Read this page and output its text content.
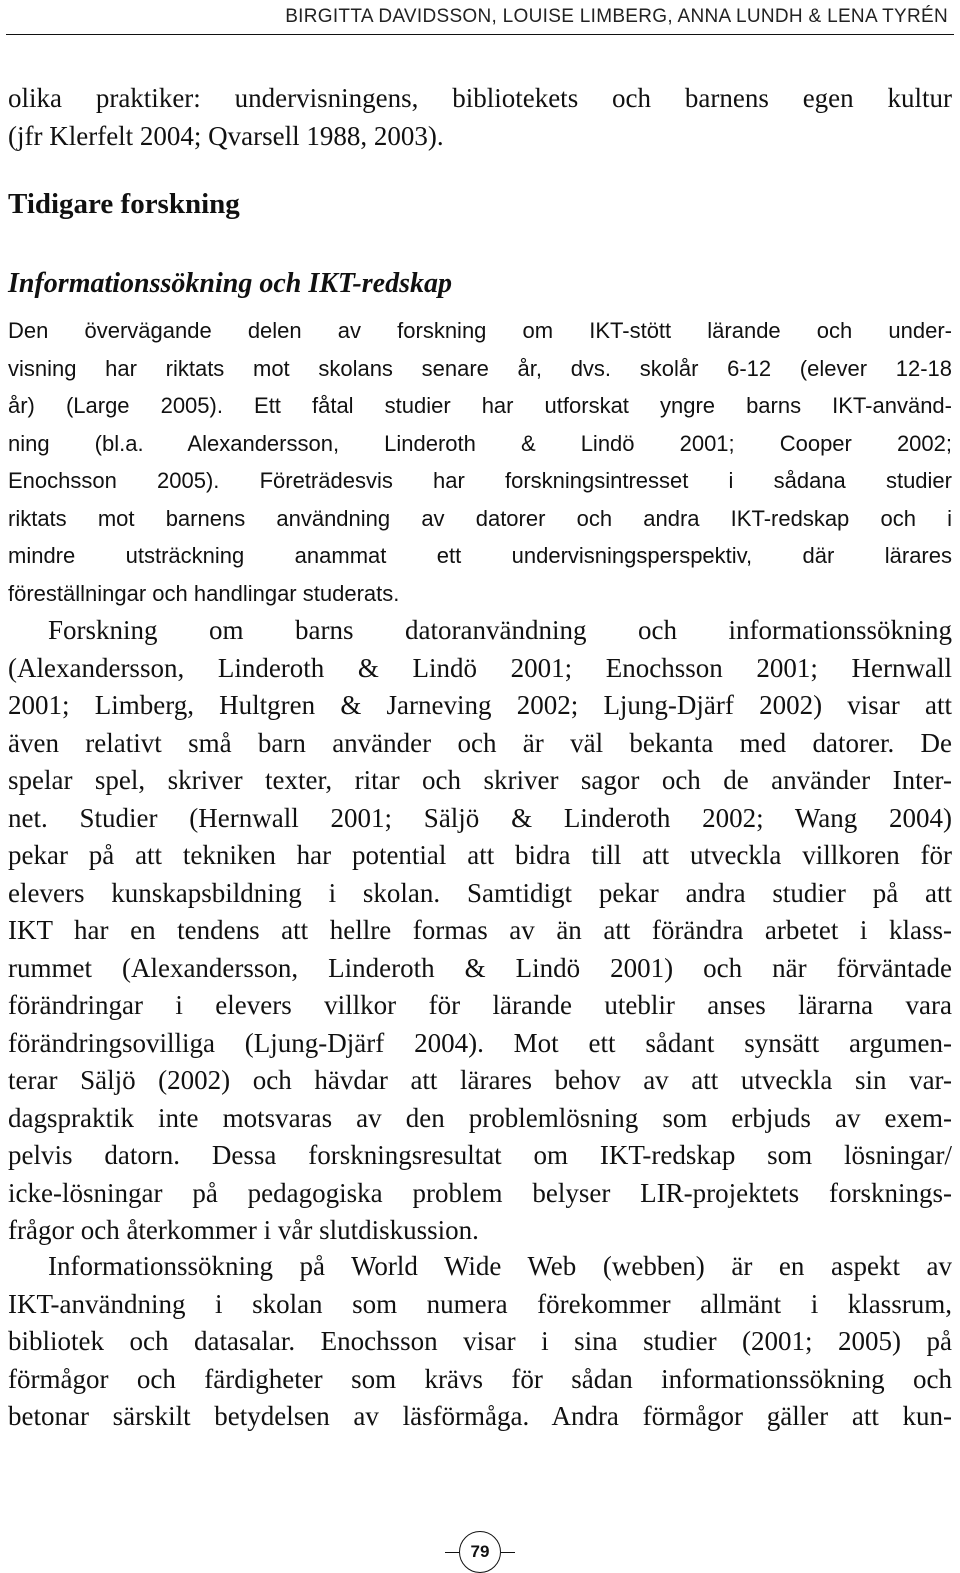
BIRGITTA DAVIDSSON, LOUISE LIMBERG, ANNA LUNDH & LENA TYRÉN
olika praktiker: undervisningens, bibliotekets och barnens egen kultur
(jfr Klerfelt 2004; Qvarsell 1988, 2003).
Tidigare forskning
Informationssökning och IKT-redskap
Den övervägande delen av forskning om IKT-stött lärande och under-
visning har riktats mot skolans senare år, dvs. skolår 6-12 (elever 12-18
år) (Large 2005). Ett fåtal studier har utforskat yngre barns IKT-använd-
ning (bl.a. Alexandersson, Linderoth & Lindö 2001; Cooper 2002;
Enochsson 2005). Företrädesvis har forskningsintresset i sådana studier
riktats mot barnens användning av datorer och andra IKT-redskap och i
mindre utsträckning anammat ett undervisningsperspektiv, där lärares
föreställningar och handlingar studerats.
Forskning om barns datoranvändning och informationssökning
(Alexandersson, Linderoth & Lindö 2001; Enochsson 2001; Hernwall
2001; Limberg, Hultgren & Jarneving 2002; Ljung-Djärf 2002) visar att
även relativt små barn använder och är väl bekanta med datorer. De
spelar spel, skriver texter, ritar och skriver sagor och de använder Inter-
net. Studier (Hernwall 2001; Säljö & Linderoth 2002; Wang 2004)
pekar på att tekniken har potential att bidra till att utveckla villkoren för
elevers kunskapsbildning i skolan. Samtidigt pekar andra studier på att
IKT har en tendens att hellre formas av än att förändra arbetet i klass-
rummet (Alexandersson, Linderoth & Lindö 2001) och när förväntade
förändringar i elevers villkor för lärande uteblir anses lärarna vara
förändringsovilliga (Ljung-Djärf 2004). Mot ett sådant synsätt argumen-
terar Säljö (2002) och hävdar att lärares behov av att utveckla sin var-
dagspraktik inte motsvaras av den problemlösning som erbjuds av exem-
pelvis datorn. Dessa forskningsresultat om IKT-redskap som lösningar/
icke-lösningar på pedagogiska problem belyser LIR-projektets forsknings-
frågor och återkommer i vår slutdiskussion.
Informationssökning på World Wide Web (webben) är en aspekt av
IKT-användning i skolan som numera förekommer allmänt i klassrum,
bibliotek och datasalar. Enochsson visar i sina studier (2001; 2005) på
förmågor och färdigheter som krävs för sådan informationssökning och
betonar särskilt betydelsen av läsförmåga. Andra förmågor gäller att kun-
79
